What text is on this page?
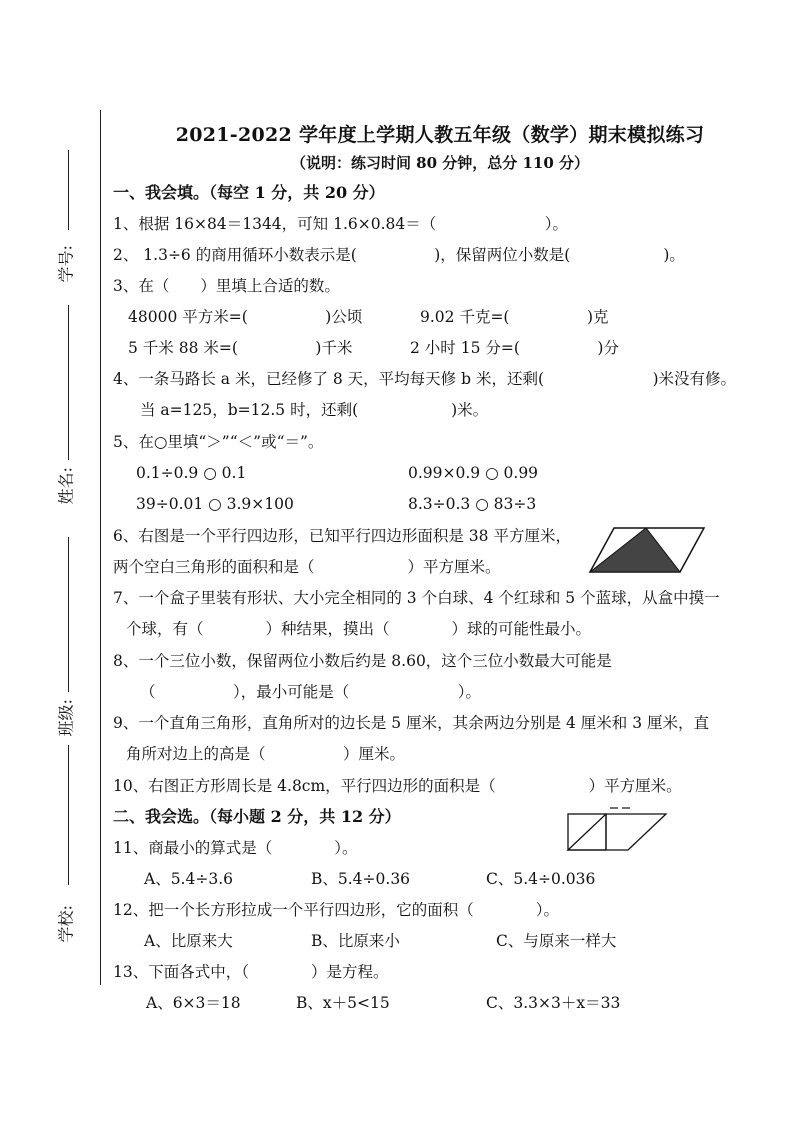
学号:
姓名:
班级:
学校:
2021-2022 学年度上学期人教五年级（数学）期末模拟练习
（说明：练习时间 80 分钟，总分 110 分）
一、我会填。（每空 1 分，共 20 分）
1、根据 16×84＝1344，可知 1.6×0.84＝（　　　　　　　）。
2、 1.3÷6 的商用循环小数表示是(　　　　　)，保留两位小数是(　　　　　　)。
3、在（　　）里填上合适的数。
48000 平方米=(　　　　　)公顷	9.02 千克=(　　　　　)克
5 千米 88 米=(　　　　　)千米	2 小时 15 分=(　　　　　)分
4、一条马路长 a 米，已经修了 8 天，平均每天修 b 米，还剩(　　　　　　　)米没有修。
当 a=125，b=12.5 时，还剩(　　　　　　)米。
5、在○里填“＞”“＜”或“＝”。
0.1÷0.9 ○ 0.1	0.99×0.9 ○ 0.99
39÷0.01 ○ 3.9×100	8.3÷0.3 ○ 83÷3
6、右图是一个平行四边形，已知平行四边形面积是 38 平方厘米，
两个空白三角形的面积和是（　　　　　　）平方厘米。
7、一个盒子里装有形状、大小完全相同的 3 个白球、4 个红球和 5 个蓝球，从盒中摸一
个球，有（　　　　）种结果，摸出（　　　　）球的可能性最小。
8、一个三位小数，保留两位小数后约是 8.60，这个三位小数最大可能是
（　　　　　），最小可能是（　　　　　　　）。
9、一个直角三角形，直角所对的边长是 5 厘米，其余两边分别是 4 厘米和 3 厘米，直
角所对边上的高是（　　　　　）厘米。
10、右图正方形周长是 4.8cm，平行四边形的面积是（　　　　　　）平方厘米。
二、我会选。（每小题 2 分，共 12 分）
11、商最小的算式是（　　　　）。
A、5.4÷3.6	B、5.4÷0.36	C、5.4÷0.036
12、把一个长方形拉成一个平行四边形，它的面积（　　　　）。
A、比原来大	B、比原来小	C、与原来一样大
13、下面各式中，（　　　　）是方程。
A、6×3＝18	B、x＋5<15	C、3.3×3＋x＝33
